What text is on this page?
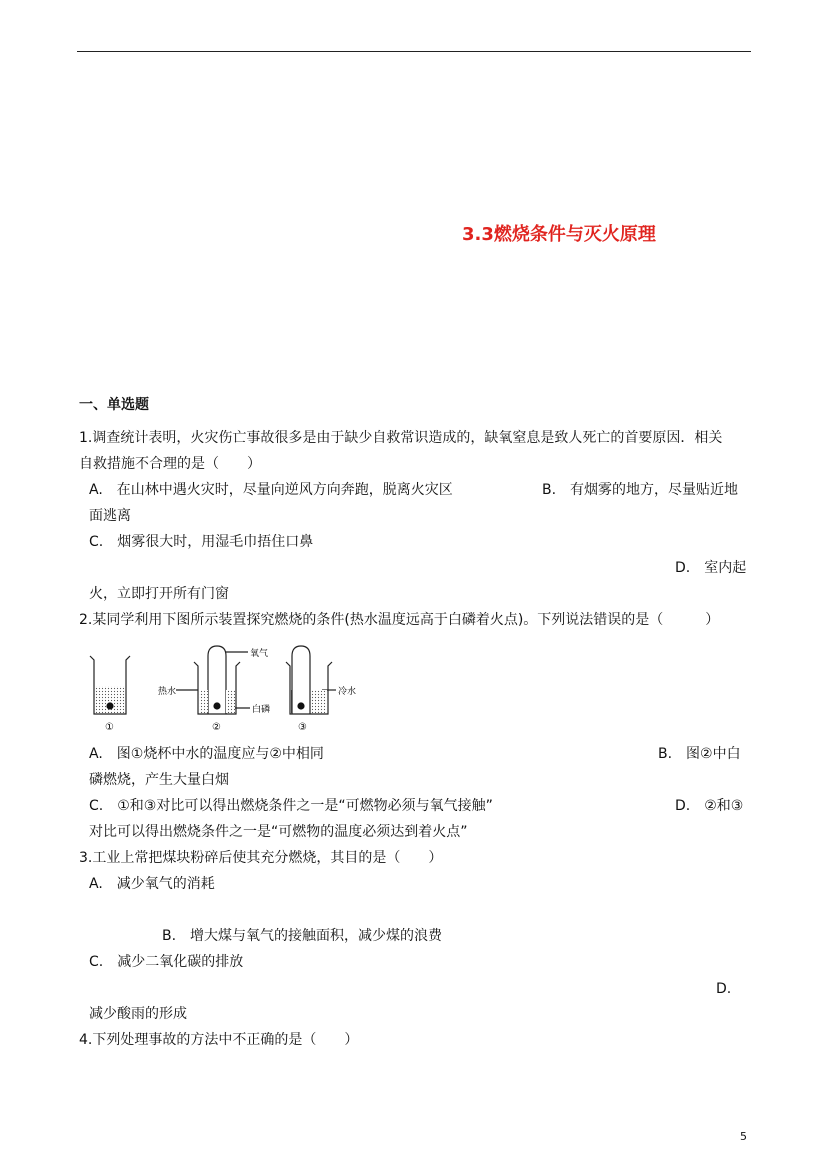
3.3燃烧条件与灭火原理
一、单选题
1.调查统计表明，火灾伤亡事故很多是由于缺少自救常识造成的，缺氧窒息是致人死亡的首要原因．相关
自救措施不合理的是（　　）
A.　在山林中遇火灾时，尽量向逆风方向奔跑，脱离火灾区	B.　有烟雾的地方，尽量贴近地
面逃离
C.　烟雾很大时，用湿毛巾捂住口鼻
D.　室内起
火，立即打开所有门窗
2.某同学利用下图所示装置探究燃烧的条件(热水温度远高于白磷着火点)。下列说法错误的是（　　　）
氧气
热水
白磷
冷水
①	②	③
A.　图①烧杯中水的温度应与②中相同	B.　图②中白
磷燃烧，产生大量白烟
C.　①和③对比可以得出燃烧条件之一是“可燃物必须与氧气接触”	D.　②和③
对比可以得出燃烧条件之一是“可燃物的温度必须达到着火点”
3.工业上常把煤块粉碎后使其充分燃烧，其目的是（　　）
A.　减少氧气的消耗
B.　增大煤与氧气的接触面积，减少煤的浪费
C.　减少二氧化碳的排放
D.
减少酸雨的形成
4.下列处理事故的方法中不正确的是（　　）
5
